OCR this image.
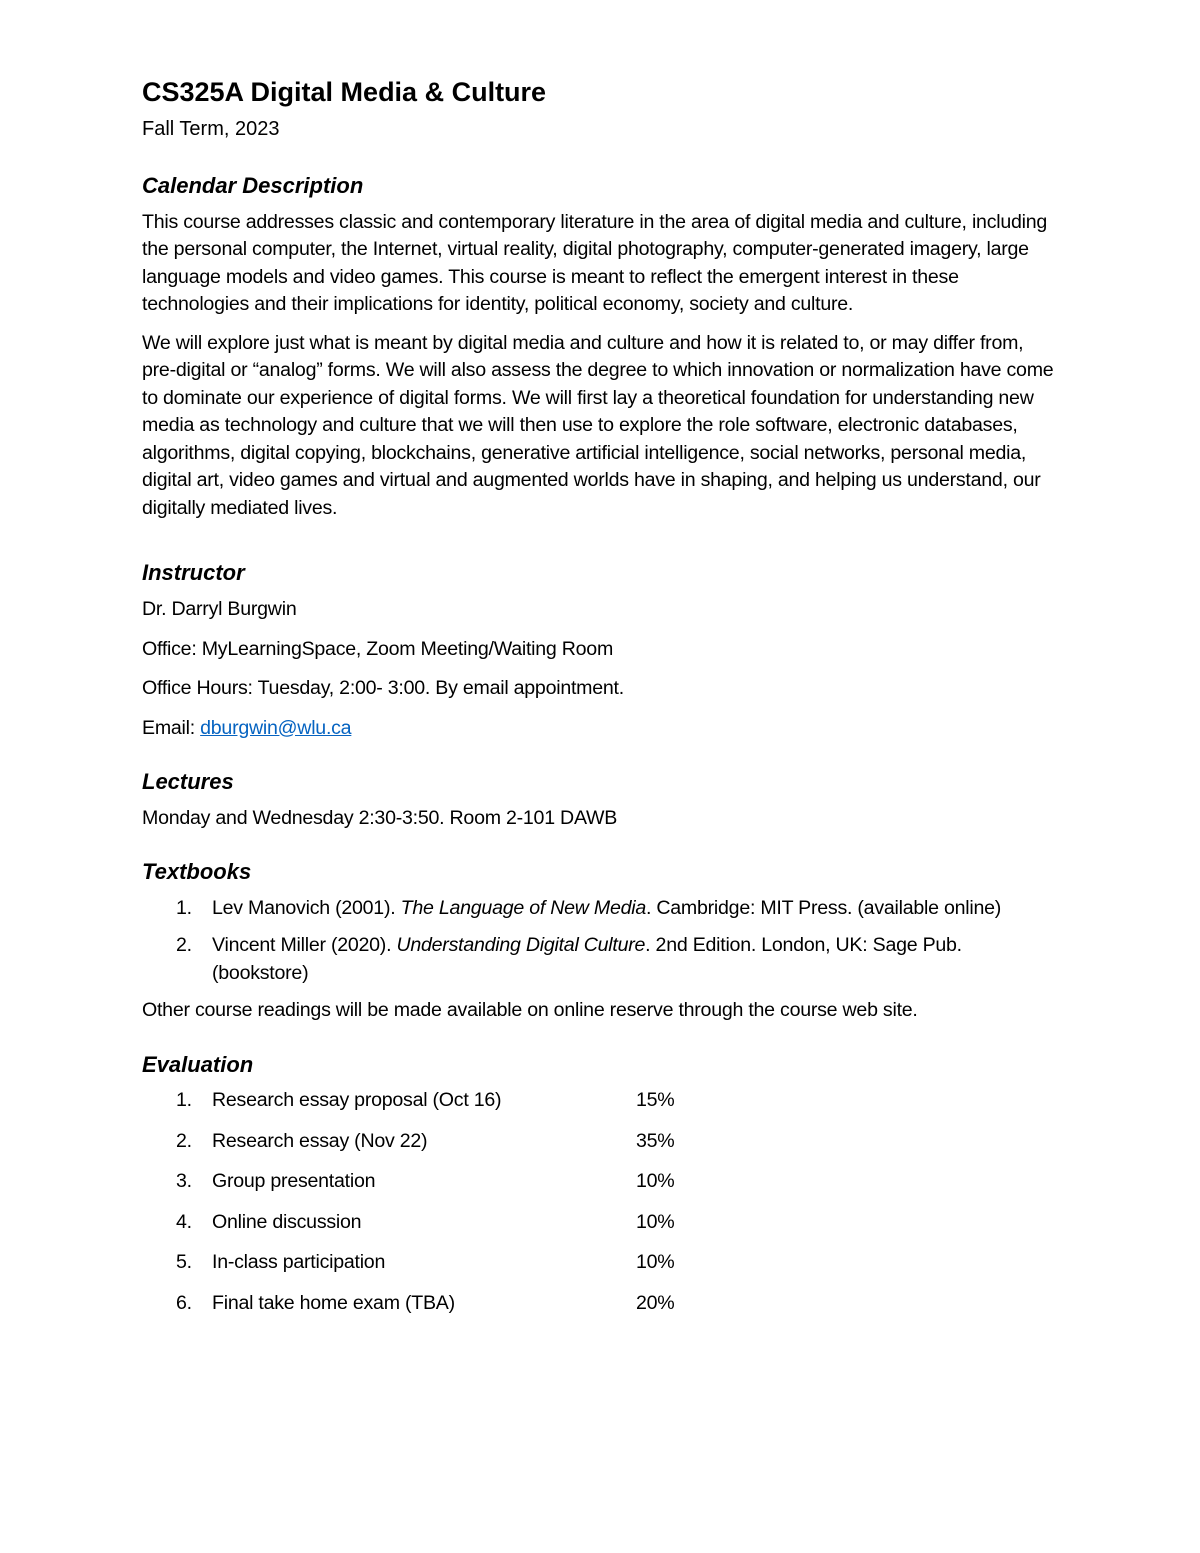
CS325A Digital Media & Culture
Fall Term, 2023
Calendar Description

This course addresses classic and contemporary literature in the area of digital media and culture, including the personal computer, the Internet, virtual reality, digital photography, computer-generated imagery, large language models and video games. This course is meant to reflect the emergent interest in these technologies and their implications for identity, political economy, society and culture.

We will explore just what is meant by digital media and culture and how it is related to, or may differ from, pre-digital or “analog” forms. We will also assess the degree to which innovation or normalization have come to dominate our experience of digital forms. We will first lay a theoretical foundation for understanding new media as technology and culture that we will then use to explore the role software, electronic databases, algorithms, digital copying, blockchains, generative artificial intelligence, social networks, personal media, digital art, video games and virtual and augmented worlds have in shaping, and helping us understand, our digitally mediated lives.

Instructor
Dr. Darryl Burgwin
Office: MyLearningSpace, Zoom Meeting/Waiting Room
Office Hours: Tuesday, 2:00- 3:00. By email appointment.
Email: dburgwin@wlu.ca
Lectures
Monday and Wednesday 2:30-3:50. Room 2-101 DAWB
Textbooks
1. Lev Manovich (2001). The Language of New Media. Cambridge: MIT Press. (available online)
2. Vincent Miller (2020). Understanding Digital Culture. 2nd Edition. London, UK: Sage Pub. (bookstore)
Other course readings will be made available on online reserve through the course web site.
Evaluation
1.	Research essay proposal (Oct 16)	15%
2.	Research essay (Nov 22)	35%
3.	Group presentation	10%
4.	Online discussion	10%
5.	In-class participation	10%
6.	Final take home exam (TBA)	20%
